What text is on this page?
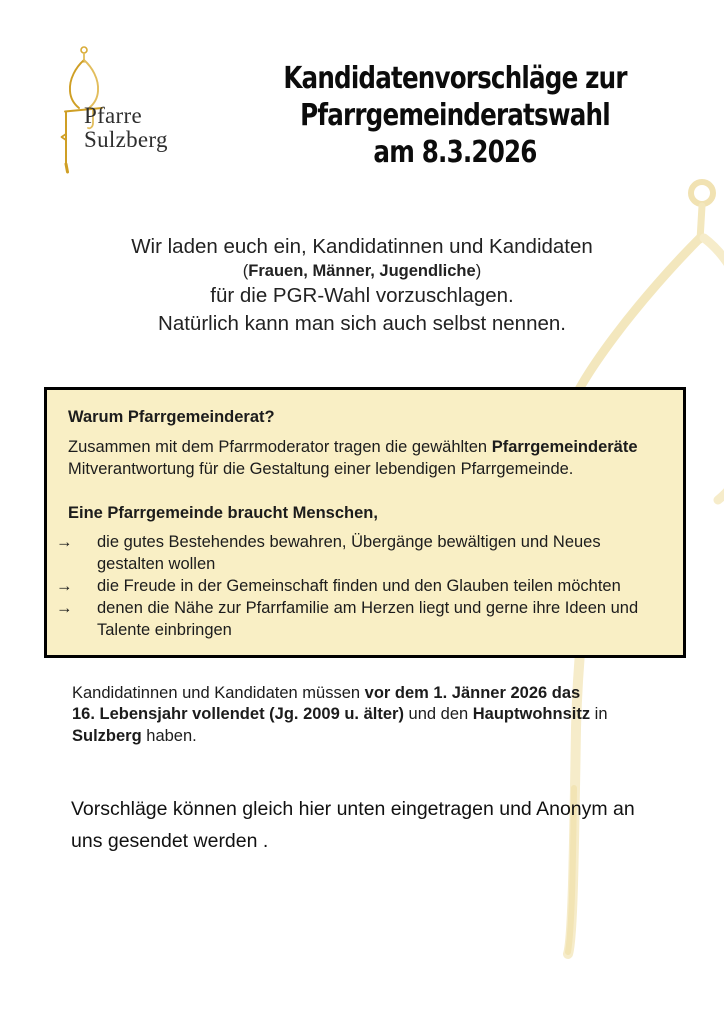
Pfarre
Sulzberg
Kandidatenvorschläge zur
Pfarrgemeinderatswahl
am 8.3.2026
Wir laden euch ein, Kandidatinnen und Kandidaten
(Frauen, Männer, Jugendliche)
für die PGR-Wahl vorzuschlagen.
Natürlich kann man sich auch selbst nennen.
Warum Pfarrgemeinderat?

Zusammen mit dem Pfarrmoderator tragen die gewählten Pfarrgemeinderäte
Mitverantwortung für die Gestaltung einer lebendigen Pfarrgemeinde.

Eine Pfarrgemeinde braucht Menschen,

→	die gutes Bestehendes bewahren, Übergänge bewältigen und Neues gestalten wollen
→	die Freude in der Gemeinschaft finden und den Glauben teilen möchten
→	denen die Nähe zur Pfarrfamilie am Herzen liegt und gerne ihre Ideen und Talente einbringen

Kandidatinnen und Kandidaten müssen vor dem 1. Jänner 2026 das
16. Lebensjahr vollendet (Jg. 2009 u. älter) und den Hauptwohnsitz in
Sulzberg haben.

Vorschläge können gleich hier unten eingetragen und Anonym an
uns gesendet werden .
